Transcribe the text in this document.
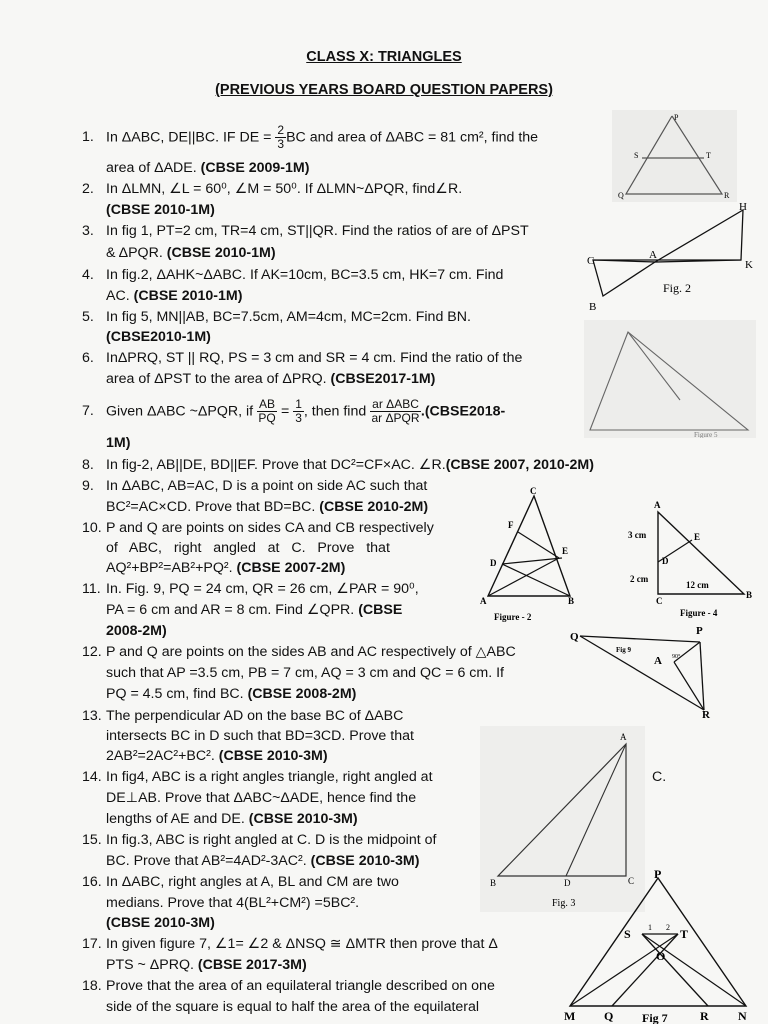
CLASS X: TRIANGLES
(PREVIOUS YEARS BOARD QUESTION PAPERS)
1. In ΔABC, DE||BC. IF DE = $\frac{2}{3}$ BC and area of ΔABC = 81 cm², find the
area of ΔADE. (CBSE 2009-1M)
2. In ΔLMN, ∠L = 60⁰, ∠M = 50⁰. If ΔLMN~ΔPQR, find∠R.
(CBSE 2010-1M)
3. In fig 1, PT=2 cm, TR=4 cm, ST||QR. Find the ratios of are of ΔPST
& ΔPQR. (CBSE 2010-1M)
4. In fig.2, ΔAHK~ΔABC. If AK=10cm, BC=3.5 cm, HK=7 cm. Find
AC. (CBSE 2010-1M)
5. In fig 5, MN||AB, BC=7.5cm, AM=4cm, MC=2cm. Find BN.
(CBSE2010-1M)
6. InΔPRQ, ST || RQ, PS = 3 cm and SR = 4 cm. Find the ratio of the
area of ΔPST to the area of ΔPRQ. (CBSE2017-1M)
7. Given ΔABC ~ΔPQR, if $\frac{AB}{PQ} = \frac{1}{3}$ , then find $\frac{\text{ar ΔABC}}{\text{ar ΔPQR}}$ .(CBSE2018-
1M)
8. In fig-2, AB||DE, BD||EF. Prove that DC²=CF×AC. ∠R.(CBSE 2007, 2010-2M)
9. In ΔABC, AB=AC, D is a point on side AC such that
BC²=AC×CD. Prove that BD=BC. (CBSE 2010-2M)
10. P and Q are points on sides CA and CB respectively
of   ABC,   right   angled   at   C.   Prove   that
AQ²+BP²=AB²+PQ². (CBSE 2007-2M)
11. In. Fig. 9, PQ = 24 cm, QR = 26 cm, ∠PAR = 90⁰,
PA = 6 cm and AR = 8 cm. Find ∠QPR. (CBSE
2008-2M)
12. P and Q are points on the sides AB and AC respectively of △ABC
such that AP =3.5 cm, PB = 7 cm, AQ = 3 cm and QC = 6 cm. If
PQ = 4.5 cm, find BC. (CBSE 2008-2M)
13. The perpendicular AD on the base BC of ΔABC
intersects BC in D such that BD=3CD. Prove that
2AB²=2AC²+BC². (CBSE 2010-3M)
14. In fig4, ABC is a right angles triangle, right angled at	C.
DE⊥AB. Prove that ΔABC~ΔADE, hence find the
lengths of AE and DE. (CBSE 2010-3M)
15. In fig.3, ABC is right angled at C. D is the midpoint of
BC. Prove that AB²=4AD²-3AC². (CBSE 2010-3M)
16. In ΔABC, right angles at A, BL and CM are two
medians. Prove that 4(BL²+CM²) =5BC².
(CBSE 2010-3M)
17. In given figure 7, ∠1= ∠2 & ΔNSQ ≅ ΔMTR then prove that Δ
PTS ~ ΔPRQ. (CBSE 2017-3M)
18. Prove that the area of an equilateral triangle described on one
side of the square is equal to half the area of the equilateral
P
S	T
Q	R
C
B
A
H
K
Fig. 2
Figure 5
C
F
D
E
A	B
Figure - 2
A
E
D
C
B
3 cm
2 cm
12 cm
Figure - 4
Q	P
R
A 90°
Fig 9
A
B	D	C
Fig. 3
P
S	T
O
1 2
M Q Fig 7	R N
